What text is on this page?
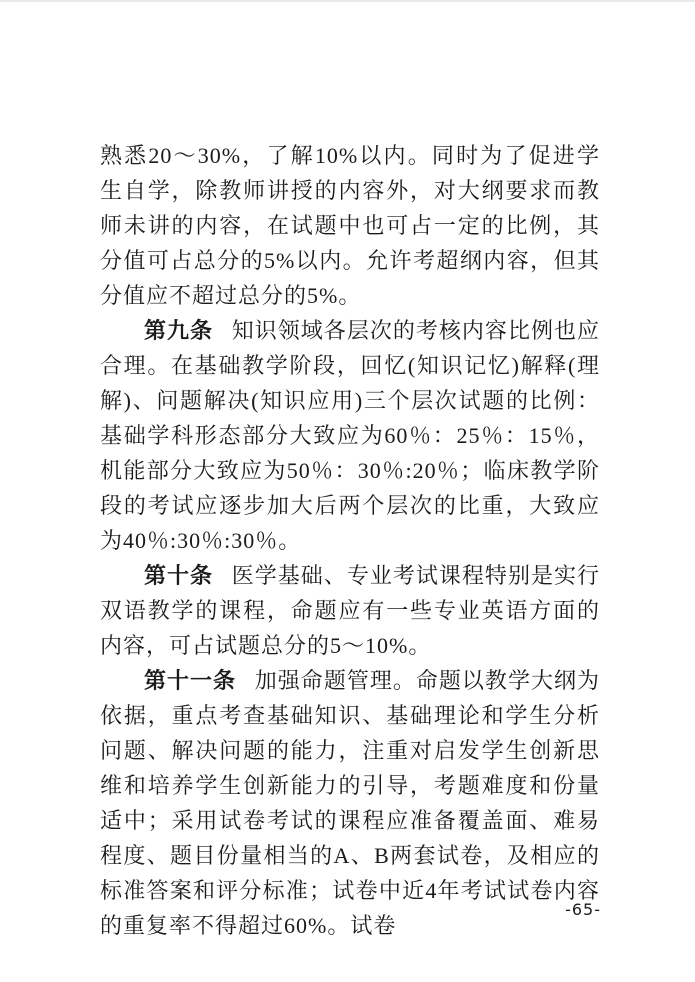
熟悉20～30%，了解10%以内。同时为了促进学生自学，除教师讲授的内容外，对大纲要求而教师未讲的内容，在试题中也可占一定的比例，其分值可占总分的5%以内。允许考超纲内容，但其分值应不超过总分的5%。

第九条 知识领域各层次的考核内容比例也应合理。在基础教学阶段，回忆(知识记忆)解释(理解)、问题解决(知识应用)三个层次试题的比例：基础学科形态部分大致应为60％：25％：15％，机能部分大致应为50％：30％:20％；临床教学阶段的考试应逐步加大后两个层次的比重，大致应为40％:30％:30％。

第十条 医学基础、专业考试课程特别是实行双语教学的课程，命题应有一些专业英语方面的内容，可占试题总分的5～10%。

第十一条 加强命题管理。命题以教学大纲为依据，重点考查基础知识、基础理论和学生分析问题、解决问题的能力，注重对启发学生创新思维和培养学生创新能力的引导，考题难度和份量适中；采用试卷考试的课程应准备覆盖面、难易程度、题目份量相当的A、B两套试卷，及相应的标准答案和评分标准；试卷中近4年考试试卷内容的重复率不得超过60%。试卷

-65-
